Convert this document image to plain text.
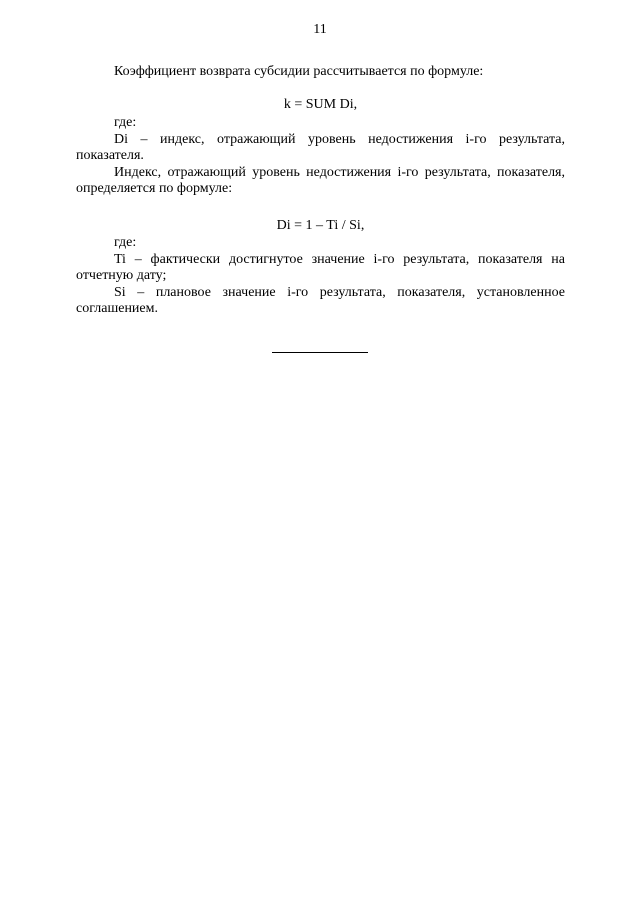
11

Коэффициент возврата субсидии рассчитывается по формуле:

k = SUM Di,

где:

Di – индекс, отражающий уровень недостижения i-го результата, показателя.

Индекс, отражающий уровень недостижения i-го результата, показателя, определяется по формуле:

Di = 1 – Ti / Si,

где:

Ti – фактически достигнутое значение i-го результата, показателя на отчетную дату;

Si – плановое значение i-го результата, показателя, установленное соглашением.
